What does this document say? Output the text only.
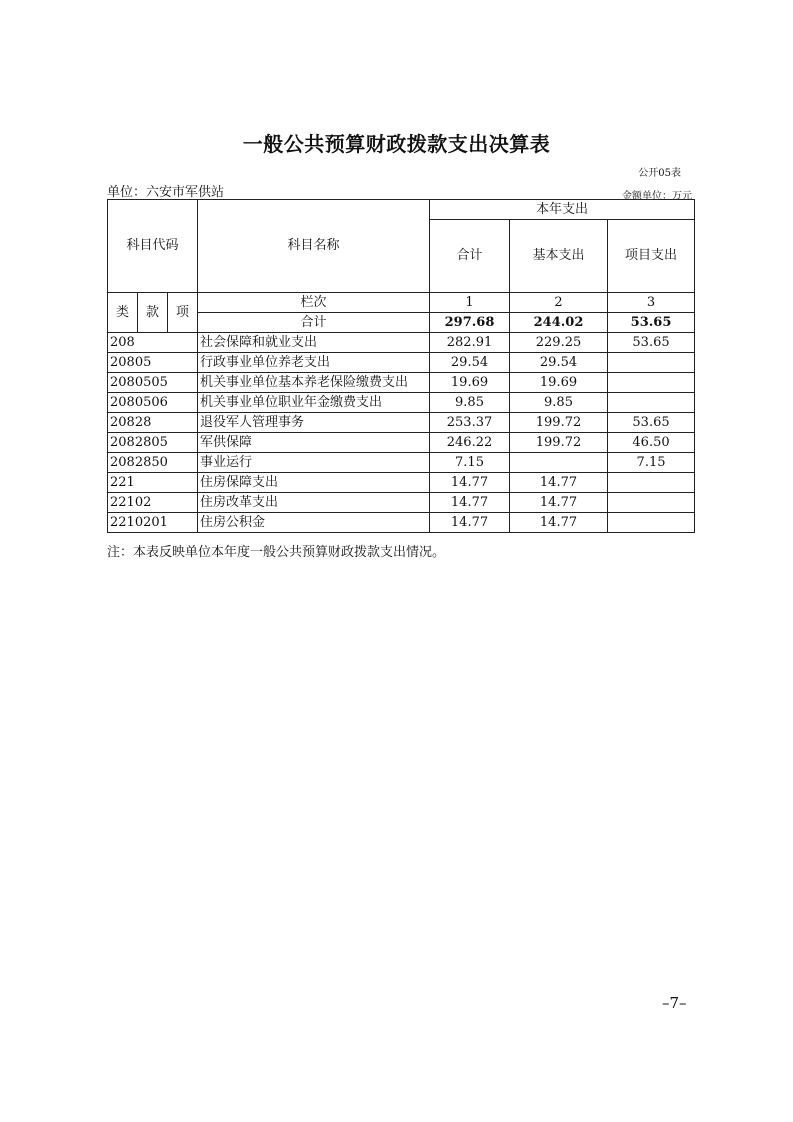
一般公共预算财政拨款支出决算表
公开05表
单位：六安市军供站	金额单位：万元
科目代码			科目名称	本年支出		
				合计	基本支出	项目支出
类	款	项	栏次	1	2	3
			合计	297.68	244.02	53.65
208			社会保障和就业支出	282.91	229.25	53.65
20805			行政事业单位养老支出	29.54	29.54	
2080505			机关事业单位基本养老保险缴费支出	19.69	19.69	
2080506			机关事业单位职业年金缴费支出	9.85	9.85	
20828			退役军人管理事务	253.37	199.72	53.65
2082805			军供保障	246.22	199.72	46.50
2082850			事业运行	7.15		7.15
221			住房保障支出	14.77	14.77	
22102			住房改革支出	14.77	14.77	
2210201			住房公积金	14.77	14.77	
注：本表反映单位本年度一般公共预算财政拨款支出情况。
–7–
